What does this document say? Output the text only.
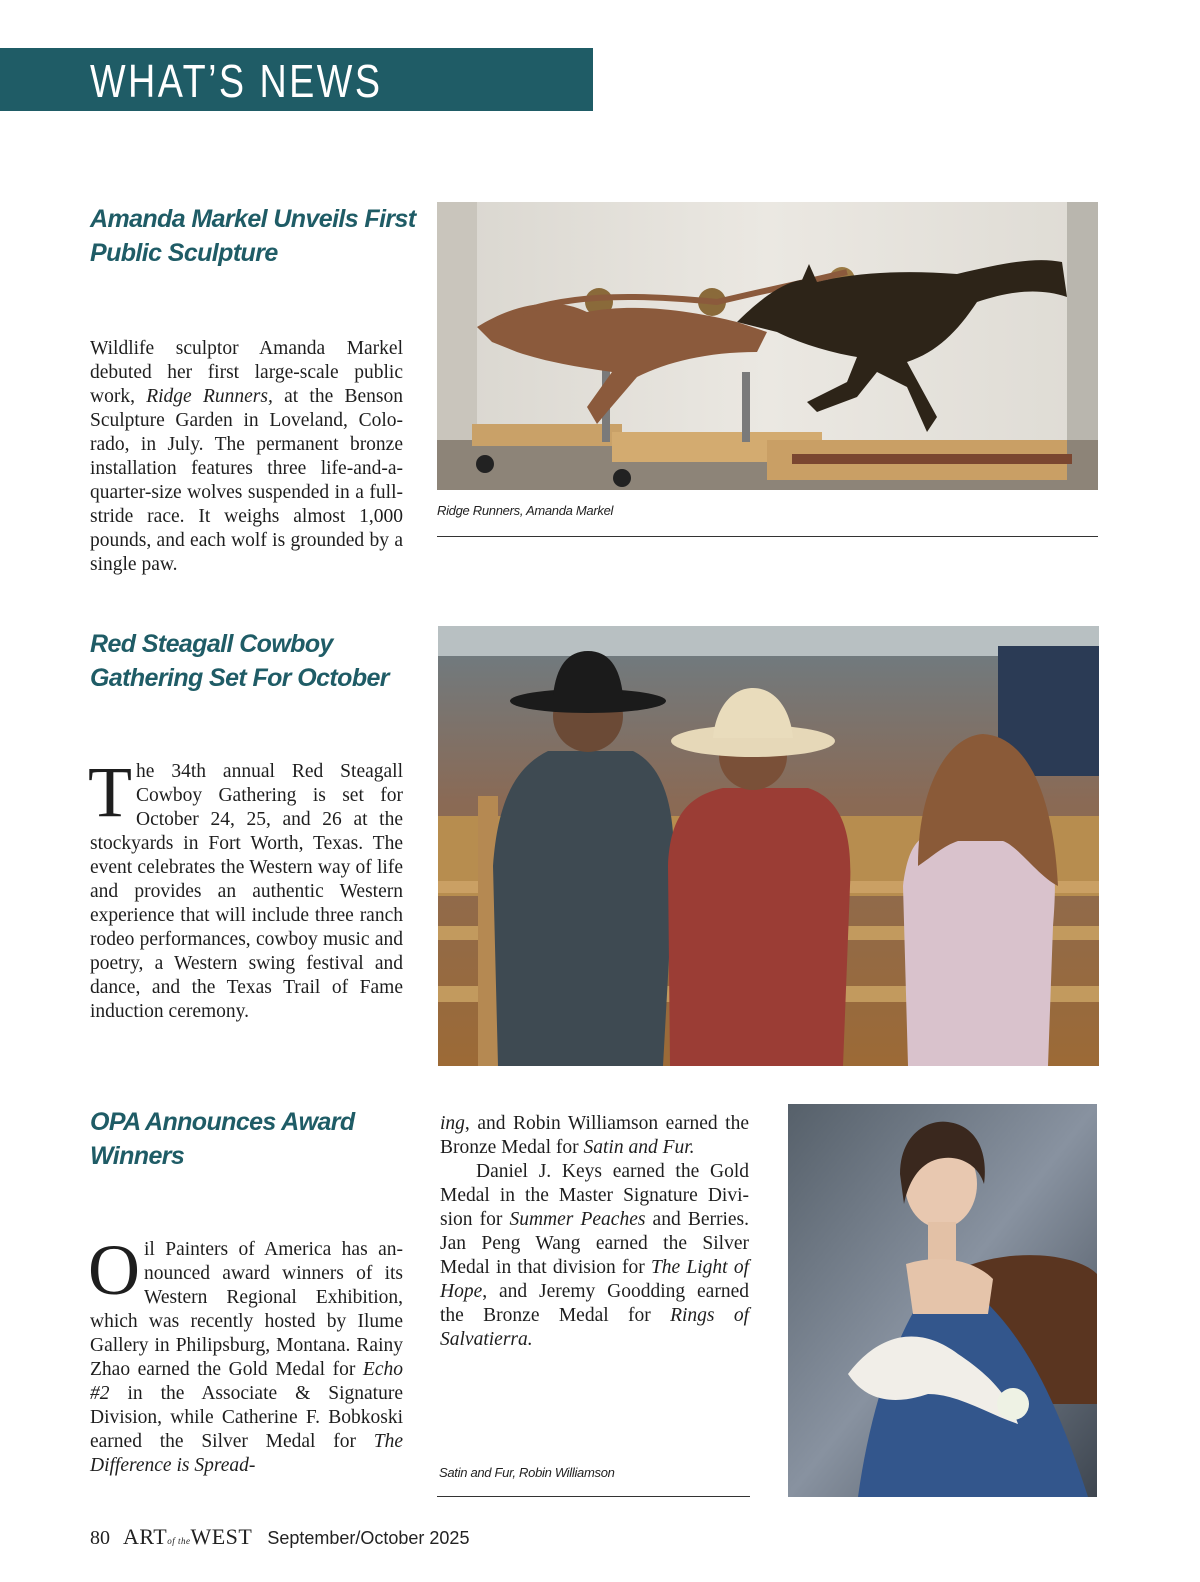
WHAT’S NEWS
Amanda Markel Unveils First
Public Sculpture

Wildlife sculptor Amanda Markel debuted her first large-scale public work, Ridge Runners, at the Benson Sculpture Garden in Loveland, Colorado, in July. The permanent bronze installation features three life-and-a-quarter-size wolves suspended in a full-stride race. It weighs almost 1,000 pounds, and each wolf is grounded by a single paw.

Ridge Runners, Amanda Markel
Red Steagall Cowboy
Gathering Set For October

The 34th annual Red Steagall Cowboy Gathering is set for October 24, 25, and 26 at the stockyards in Fort Worth, Texas. The event celebrates the Western way of life and provides an authentic Western experience that will include three ranch rodeo performances, cowboy music and poetry, a Western swing festival and dance, and the Texas Trail of Fame induction ceremony.

OPA Announces Award
Winners

Oil Painters of America has announced award winners of its Western Regional Exhibition, which was recently hosted by Ilume Gallery in Philipsburg, Montana. Rainy Zhao earned the Gold Medal for Echo #2 in the Associate & Signature Division, while Catherine F. Bobkoski earned the Silver Medal for The Difference is Spread-

ing, and Robin Williamson earned the Bronze Medal for Satin and Fur.
Daniel J. Keys earned the Gold Medal in the Master Signature Division for Summer Peaches and Berries. Jan Peng Wang earned the Silver Medal in that division for The Light of Hope, and Jeremy Goodding earned the Bronze Medal for Rings of Salvatierra.

Satin and Fur, Robin Williamson
80 ARTof theWEST September/October 2025
